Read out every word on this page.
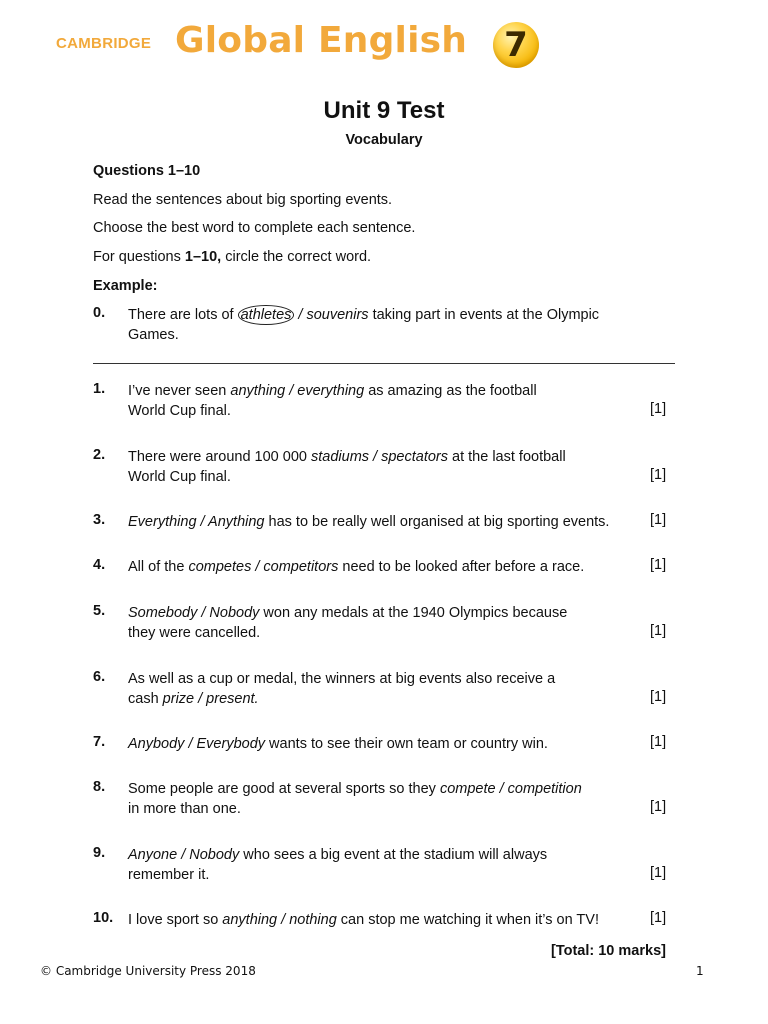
CAMBRIDGE Global English	7
Unit 9 Test
Vocabulary
Questions 1–10
Read the sentences about big sporting events.
Choose the best word to complete each sentence.
For questions 1–10, circle the correct word.
Example:
0. There are lots of athletes / souvenirs taking part in events at the Olympic
Games.
1. I’ve never seen anything / everything as amazing as the football
World Cup final.	[1]
2. There were around 100 000 stadiums / spectators at the last football
World Cup final.	[1]
3. Everything / Anything has to be really well organised at big sporting events.	[1]
4. All of the competes / competitors need to be looked after before a race.	[1]
5. Somebody / Nobody won any medals at the 1940 Olympics because
they were cancelled.	[1]
6. As well as a cup or medal, the winners at big events also receive a
cash prize / present.	[1]
7. Anybody / Everybody wants to see their own team or country win.	[1]
8. Some people are good at several sports so they compete / competition
in more than one.	[1]
9. Anyone / Nobody who sees a big event at the stadium will always
remember it.	[1]
10. I love sport so anything / nothing can stop me watching it when it’s on TV!	[1]
[Total: 10 marks]
© Cambridge University Press 2018	1
